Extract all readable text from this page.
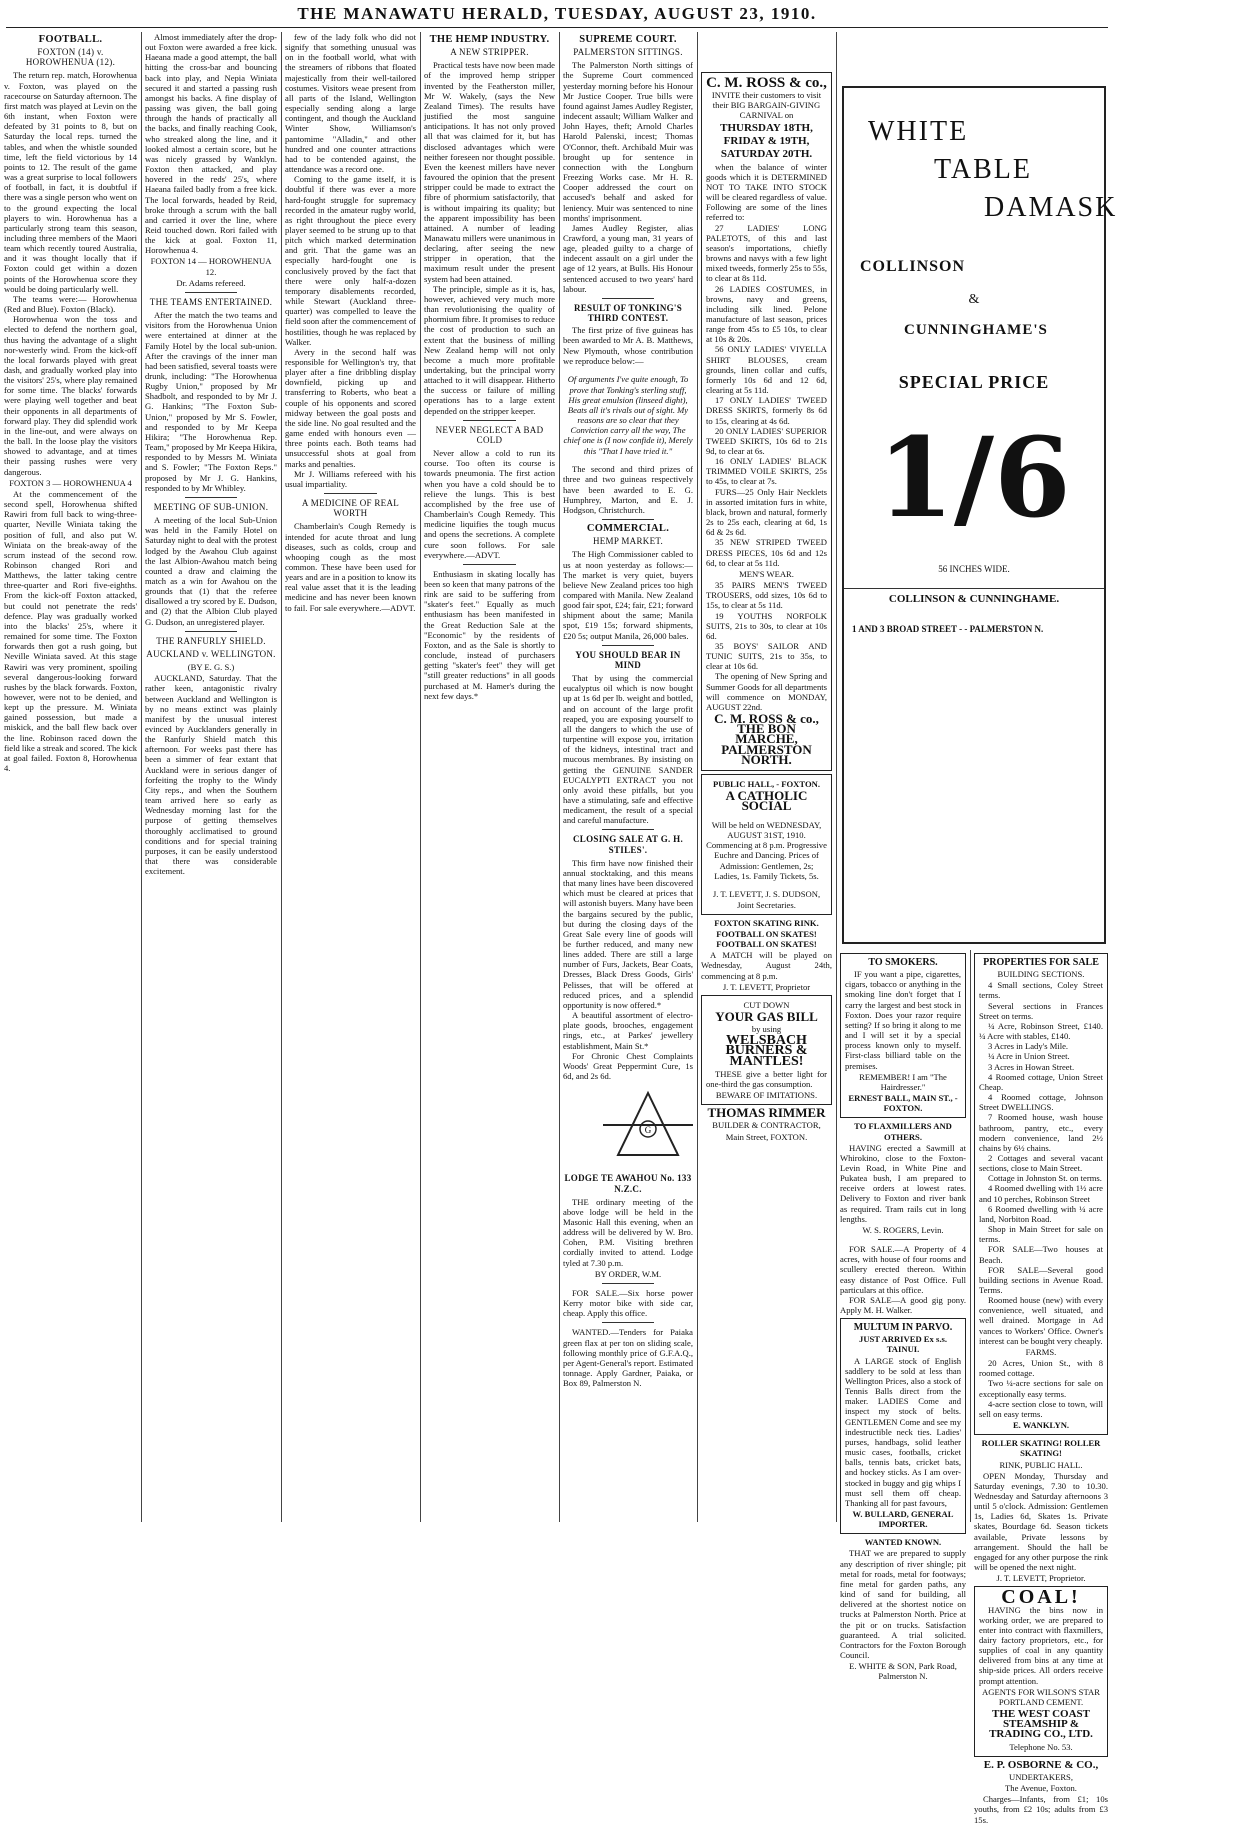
THE MANAWATU HERALD, TUESDAY, AUGUST 23, 1910.
FOOTBALL.
FOXTON (14) v. HOROWHENUA (12).

The return rep. match, Horowhenua v. Foxton, was played on the racecourse on Saturday afternoon. The first match was played at Levin on the 6th instant, when Foxton were defeated by 31 points to 8, but on Saturday the local reps. turned the tables, and when the whistle sounded time, left the field victorious by 14 points to 12. The result of the game was a great surprise to local followers of football, in fact, it is doubtful if there was a single person who went on to the ground expecting the local players to win. Horowhenua has a particularly strong team this season, including three members of the Maori team which recently toured Australia, and it was thought locally that if Foxton could get within a dozen points of the Horowhenua score they would be doing particularly well.

The teams were:— Horowhenua (Red and Blue). Foxton (Black).

Horowhenua won the toss and elected to defend the northern goal, thus having the advantage of a slight nor-westerly wind. From the kick-off the local forwards played with great dash, and gradually worked play into the visitors' 25's, where play remained for some time. The blacks' forwards were playing well together and beat their opponents in all departments of forward play. They did splendid work in the line-out, and were always on the ball. In the loose play the visitors showed to advantage, and at times their passing rushes were very dangerous.

FOXTON 3 — HOROWHENUA 4

At the commencement of the second spell, Horowhenua shifted Rawiri from full back to wing-three-quarter, Neville Winiata taking the position of full, and also put W. Winiata on the break-away of the scrum instead of the second row. Robinson changed Rori and Matthews, the latter taking centre three-quarter and Rori five-eighths. From the kick-off Foxton attacked, but could not penetrate the reds' defence. Play was gradually worked into the blacks' 25's, where it remained for some time. The Foxton forwards then got a rush going, but Neville Winiata saved. At this stage Rawiri was very prominent, spoiling several dangerous-looking forward rushes by the black forwards. Foxton, however, were not to be denied, and kept up the pressure. M. Winiata gained possession, but made a miskick, and the ball flew back over the line. Robinson raced down the field like a streak and scored. The kick at goal failed. Foxton 8, Horowhenua 4.

Almost immediately after the drop-out Foxton were awarded a free kick. Haeana made a good attempt, the ball hitting the cross-bar and bouncing back into play, and Nepia Winiata secured it and started a passing rush amongst his backs. A fine display of passing was given, the ball going through the hands of practically all the backs, and finally reaching Cook, who streaked along the line, and it looked almost a certain score, but he was nicely grassed by Wanklyn. Foxton then attacked, and play hovered in the reds' 25's, where Haeana failed badly from a free kick. The local forwards, headed by Reid, broke through a scrum with the ball and carried it over the line, where Reid touched down. Rori failed with the kick at goal. Foxton 11, Horowhenua 4.

FOXTON 14 — HOROWHENUA 12.
Dr. Adams refereed.
THE TEAMS ENTERTAINED.

After the match the two teams and visitors from the Horowhenua Union were entertained at dinner at the Family Hotel by the local sub-union. After the cravings of the inner man had been satisfied, several toasts were drunk, including: "The Horowhenua Rugby Union," proposed by Mr Shadbolt, and responded to by Mr J. G. Hankins; "The Foxton Sub-Union," proposed by Mr S. Fowler, and responded to by Mr Keepa Hikira; "The Horowhenua Rep. Team," proposed by Mr Keepa Hikira, responded to by Messrs M. Winiata and S. Fowler; "The Foxton Reps." proposed by Mr J. G. Hankins, responded to by Mr Whibley.

MEETING OF SUB-UNION.

A meeting of the local Sub-Union was held in the Family Hotel on Saturday night to deal with the protest lodged by the Awahou Club against the last Albion-Awahou match being counted a draw and claiming the match as a win for Awahou on the grounds that (1) that the referee disallowed a try scored by E. Dudson, and (2) that the Albion Club played G. Dudson, an unregistered player.

THE RANFURLY SHIELD.
AUCKLAND v. WELLINGTON.
(BY E. G. S.)

AUCKLAND, Saturday. That the rather keen, antagonistic rivalry between Auckland and Wellington is by no means extinct was plainly manifest by the unusual interest evinced by Aucklanders generally in the Ranfurly Shield match this afternoon. For weeks past there has been a simmer of fear extant that Auckland were in serious danger of forfeiting the trophy to the Windy City reps., and when the Southern team arrived here so early as Wednesday morning last for the purpose of getting themselves thoroughly acclimatised to ground conditions and for special training purposes, it can be easily understood that there was considerable excitement.

few of the lady folk who did not signify that something unusual was on in the football world, what with the streamers of ribbons that floated majestically from their well-tailored costumes. Visitors weae present from all parts of the Island, Wellington especially sending along a large contingent, and though the Auckland Winter Show, Williamson's pantomime "Alladin," and other hundred and one counter attractions had to be contended against, the attendance was a record one.

Coming to the game itself, it is doubtful if there was ever a more hard-fought struggle for supremacy recorded in the amateur rugby world, as right throughout the piece every player seemed to be strung up to that pitch which marked determination and grit. That the game was an especially hard-fought one is conclusively proved by the fact that there were only half-a-dozen temporary disablements recorded, while Stewart (Auckland three-quarter) was compelled to leave the field soon after the commencement of hostilities, though he was replaced by Walker.

Avery in the second half was responsible for Wellington's try, that player after a fine dribbling display downfield, picking up and transferring to Roberts, who beat a couple of his opponents and scored midway between the goal posts and the side line. No goal resulted and the game ended with honours even — three points each. Both teams had unsuccessful shots at goal from marks and penalties.

Mr J. Williams refereed with his usual impartiality.

A MEDICINE OF REAL WORTH

Chamberlain's Cough Remedy is intended for acute throat and lung diseases, such as colds, croup and whooping cough as the most common. These have been used for years and are in a position to know its real value asset that it is the leading medicine and has never been known to fail. For sale everywhere.—ADVT.

THE HEMP INDUSTRY.
A NEW STRIPPER.

Practical tests have now been made of the improved hemp stripper invented by the Featherston miller, Mr W. Wakely, (says the New Zealand Times). The results have justified the most sanguine anticipations. It has not only proved all that was claimed for it, but has disclosed advantages which were neither foreseen nor thought possible. Even the keenest millers have never favoured the opinion that the present stripper could be made to extract the fibre of phormium satisfactorily, that is without impairing its quality; but the apparent impossibility has been attained. A number of leading Manawatu millers were unanimous in declaring, after seeing the new stripper in operation, that the maximum result under the present system had been attained.

The principle, simple as it is, has, however, achieved very much more than revolutionising the quality of phormium fibre. It promises to reduce the cost of production to such an extent that the business of milling New Zealand hemp will not only become a much more profitable undertaking, but the principal worry attached to it will disappear. Hitherto the success or failure of milling operations has to a large extent depended on the stripper keeper.

NEVER NEGLECT A BAD COLD

Never allow a cold to run its course. Too often its course is towards pneumonia. The first action when you have a cold should be to relieve the lungs. This is best accomplished by the free use of Chamberlain's Cough Remedy. This medicine liquifies the tough mucus and opens the secretions. A complete cure soon follows. For sale everywhere.—ADVT.

Enthusiasm in skating locally has been so keen that many patrons of the rink are said to be suffering from "skater's feet." Equally as much enthusiasm has been manifested in the Great Reduction Sale at the "Economic" by the residents of Foxton, and as the Sale is shortly to conclude, instead of purchasers getting "skater's feet" they will get "still greater reductions" in all goods purchased at M. Hamer's during the next few days.*

SUPREME COURT.
PALMERSTON SITTINGS.

The Palmerston North sittings of the Supreme Court commenced yesterday morning before his Honour Mr Justice Cooper. True bills were found against James Audley Register, indecent assault; William Walker and John Hayes, theft; Arnold Charles Harold Palenski, incest; Thomas O'Connor, theft. Archibald Muir was brought up for sentence in connection with the Longburn Freezing Works case. Mr H. R. Cooper addressed the court on accused's behalf and asked for leniency. Muir was sentenced to nine months' imprisonment.

James Audley Register, alias Crawford, a young man, 31 years of age, pleaded guilty to a charge of indecent assault on a girl under the age of 12 years, at Bulls. His Honour sentenced accused to two years' hard labour.

RESULT OF TONKING'S THIRD CONTEST.

The first prize of five guineas has been awarded to Mr A. B. Matthews, New Plymouth, whose contribution we reproduce below:—

Of arguments I've quite enough, To prove that Tonking's sterling stuff, His great emulsion (linseed dight), Beats all it's rivals out of sight. My reasons are so clear that they Conviction carry all the way, The chief one is (I now confide it), Merely this "That I have tried it."

The second and third prizes of three and two guineas respectively have been awarded to E. G. Humphrey, Marton, and E. J. Hodgson, Christchurch.

COMMERCIAL.
HEMP MARKET.

The High Commissioner cabled to us at noon yesterday as follows:—The market is very quiet, buyers believe New Zealand prices too high compared with Manila. New Zealand good fair spot, £24; fair, £21; forward shipment about the same; Manila spot, £19 15s; forward shipments, £20 5s; output Manila, 26,000 bales.

YOU SHOULD BEAR IN MIND

That by using the commercial eucalyptus oil which is now bought up at 1s 6d per lb. weight and bottled, and on account of the large profit reaped, you are exposing yourself to all the dangers to which the use of turpentine will expose you, irritation of the kidneys, intestinal tract and mucous membranes. By insisting on getting the GENUINE SANDER EUCALYPTI EXTRACT you not only avoid these pitfalls, but you have a stimulating, safe and effective medicament, the result of a special and careful manufacture.

CLOSING SALE AT G. H. STILES'.

This firm have now finished their annual stocktaking, and this means that many lines have been discovered which must be cleared at prices that will astonish buyers. Many have been the bargains secured by the public, but during the closing days of the Great Sale every line of goods will be further reduced, and many new lines added. There are still a large number of Furs, Jackets, Bear Coats, Dresses, Black Dress Goods, Girls' Pelisses, that will be offered at reduced prices, and a splendid opportunity is now offered.*

A beautiful assortment of electro-plate goods, brooches, engagement rings, etc., at Parkes' jewellery establishment, Main St.*

For Chronic Chest Complaints Woods' Great Peppermint Cure, 1s 6d, and 2s 6d.

G
LODGE TE AWAHOU No. 133 N.Z.C.

THE ordinary meeting of the above lodge will be held in the Masonic Hall this evening, when an address will be delivered by W. Bro. Cohen, P.M. Visiting brethren cordially invited to attend. Lodge tyled at 7.30 p.m.

BY ORDER, W.M.

FOR SALE.—Six horse power Kerry motor bike with side car, cheap. Apply this office.

WANTED.—Tenders for Paiaka green flax at per ton on sliding scale, following monthly price of G.F.A.Q., per Agent-General's report. Estimated tonnage. Apply Gardner, Paiaka, or Box 89, Palmerston N.

C. M. ROSS & co.,
INVITE their customers to visit their BIG BARGAIN-GIVING CARNIVAL on
THURSDAY 18TH, FRIDAY & 19TH, SATURDAY 20TH.

when the balance of winter goods which it is DETERMINED NOT TO TAKE INTO STOCK will be cleared regardless of value. Following are some of the lines referred to:

27 LADIES' LONG PALETOTS, of this and last season's importations, chiefly browns and navys with a few light mixed tweeds, formerly 25s to 55s, to clear at 8s 11d.

26 LADIES COSTUMES, in browns, navy and greens, including silk lined. Pelone manufacture of last season, prices range from 45s to £5 10s, to clear at 10s & 20s.

56 ONLY LADIES' VIYELLA SHIRT BLOUSES, cream grounds, linen collar and cuffs, formerly 10s 6d and 12 6d, clearing at 5s 11d.

17 ONLY LADIES' TWEED DRESS SKIRTS, formerly 8s 6d to 15s, clearing at 4s 6d.

20 ONLY LADIES' SUPERIOR TWEED SKIRTS, 10s 6d to 21s 9d, to clear at 6s.

16 ONLY LADIES' BLACK TRIMMED VOILE SKIRTS, 25s to 45s, to clear at 7s.

FURS—25 Only Hair Necklets in assorted imitation furs in white, black, brown and natural, formerly 2s to 25s each, clearing at 6d, 1s 6d & 2s 6d.

35 NEW STRIPED TWEED DRESS PIECES, 10s 6d and 12s 6d, to clear at 5s 11d.

MEN'S WEAR.

35 PAIRS MEN'S TWEED TROUSERS, odd sizes, 10s 6d to 15s, to clear at 5s 11d.

19 YOUTHS NORFOLK SUITS, 21s to 30s, to clear at 10s 6d.

35 BOYS' SAILOR AND TUNIC SUITS, 21s to 35s, to clear at 10s 6d.

The opening of New Spring and Summer Goods for all departments will commence on MONDAY, AUGUST 22nd.

C. M. ROSS & co., THE BON MARCHE, PALMERSTON NORTH.
PUBLIC HALL, - FOXTON.
A CATHOLIC SOCIAL

Will be held on WEDNESDAY, AUGUST 31ST, 1910. Commencing at 8 p.m. Progressive Euchre and Dancing. Prices of Admission: Gentlemen, 2s; Ladies, 1s. Family Tickets, 5s.

J. T. LEVETT, J. S. DUDSON, Joint Secretaries.
FOXTON SKATING RINK.
FOOTBALL ON SKATES! FOOTBALL ON SKATES!

A MATCH will be played on Wednesday, August 24th, commencing at 8 p.m.

J. T. LEVETT, Proprietor
CUT DOWN
YOUR GAS BILL
by using
WELSBACH BURNERS & MANTLES!

THESE give a better light for one-third the gas consumption.

BEWARE OF IMITATIONS.
THOMAS RIMMER
BUILDER & CONTRACTOR,
Main Street, FOXTON.
WHITE
TABLE
DAMASK
COLLINSON
&
CUNNINGHAME'S
SPECIAL PRICE
1/6
56 INCHES WIDE.
COLLINSON & CUNNINGHAME.
1 AND 3 BROAD STREET - - PALMERSTON N.
TO SMOKERS.

IF you want a pipe, cigarettes, cigars, tobacco or anything in the smoking line don't forget that I carry the largest and best stock in Foxton. Does your razor require setting? If so bring it along to me and I will set it by a special process known only to myself. First-class billiard table on the premises.

REMEMBER! I am "The Hairdresser."
ERNEST BALL, MAIN ST., - FOXTON.
TO FLAXMILLERS AND OTHERS.

HAVING erected a Sawmill at Whirokino, close to the Foxton-Levin Road, in White Pine and Pukatea bush, I am prepared to receive orders at lowest rates. Delivery to Foxton and river bank as required. Tram rails cut in long lengths.

W. S. ROGERS, Levin.

FOR SALE.—A Property of 4 acres, with house of four rooms and scullery erected thereon. Within easy distance of Post Office. Full particulars at this office.

FOR SALE—A good gig pony. Apply M. H. Walker.

MULTUM IN PARVO.
JUST ARRIVED Ex s.s. TAINUI.

A LARGE stock of English saddlery to be sold at less than Wellington Prices, also a stock of Tennis Balls direct from the maker. LADIES Come and inspect my stock of belts. GENTLEMEN Come and see my indestructible neck ties. Ladies' purses, handbags, solid leather music cases, footballs, cricket balls, tennis bats, cricket bats, and hockey sticks. As I am over-stocked in buggy and gig whips I must sell them off cheap. Thanking all for past favours,

W. BULLARD, GENERAL IMPORTER.
WANTED KNOWN.

THAT we are prepared to supply any description of river shingle; pit metal for roads, metal for footways; fine metal for garden paths, any kind of sand for building, all delivered at the shortest notice on trucks at Palmerston North. Price at the pit or on trucks. Satisfaction guaranteed. A trial solicited. Contractors for the Foxton Borough Council.

E. WHITE & SON, Park Road, Palmerston N.
PROPERTIES FOR SALE
BUILDING SECTIONS.

4 Small sections, Coley Street terms.

Several sections in Frances Street on terms.

¼ Acre, Robinson Street, £140. ¼ Acre with stables, £140.

3 Acres in Lady's Mile.

¼ Acre in Union Street.

3 Acres in Howan Street.

4 Roomed cottage, Union Street Cheap.

4 Roomed cottage, Johnson Street DWELLINGS.

7 Roomed house, wash house bathroom, pantry, etc., every modern convenience, land 2½ chains by 6½ chains.

2 Cottages and several vacant sections, close to Main Street.

Cottage in Johnston St. on terms.

4 Roomed dwelling with 1½ acre and 10 perches, Robinson Street

6 Roomed dwelling with ¼ acre land, Norbiton Road.

Shop in Main Street for sale on terms.

FOR SALE—Two houses at Beach.

FOR SALE—Several good building sections in Avenue Road. Terms.

Roomed house (new) with every convenience, well situated, and well drained. Mortgage in Ad vances to Workers' Office. Owner's interest can be bought very cheaply.

FARMS.

20 Acres, Union St., with 8 roomed cottage.

Two ¼-acre sections for sale on exceptionally easy terms.

4-acre section close to town, will sell on easy terms.

E. WANKLYN.
ROLLER SKATING! ROLLER SKATING!
RINK, PUBLIC HALL.

OPEN Monday, Thursday and Saturday evenings, 7.30 to 10.30. Wednesday and Saturday afternoons 3 until 5 o'clock. Admission: Gentlemen 1s, Ladies 6d, Skates 1s. Private skates, Bourdage 6d. Season tickets available, Private lessons by arrangement. Should the hall be engaged for any other purpose the rink will be opened the next night.

J. T. LEVETT, Proprietor.
COAL!

HAVING the bins now in working order, we are prepared to enter into contract with flaxmillers, dairy factory proprietors, etc., for supplies of coal in any quantity delivered from bins at any time at ship-side prices. All orders receive prompt attention.

AGENTS FOR WILSON'S STAR PORTLAND CEMENT.
THE WEST COAST STEAMSHIP & TRADING CO., LTD.
Telephone No. 53.
E. P. OSBORNE & CO.,
UNDERTAKERS,
The Avenue, Foxton.

Charges—Infants, from £1; 10s youths, from £2 10s; adults from £3 15s.
